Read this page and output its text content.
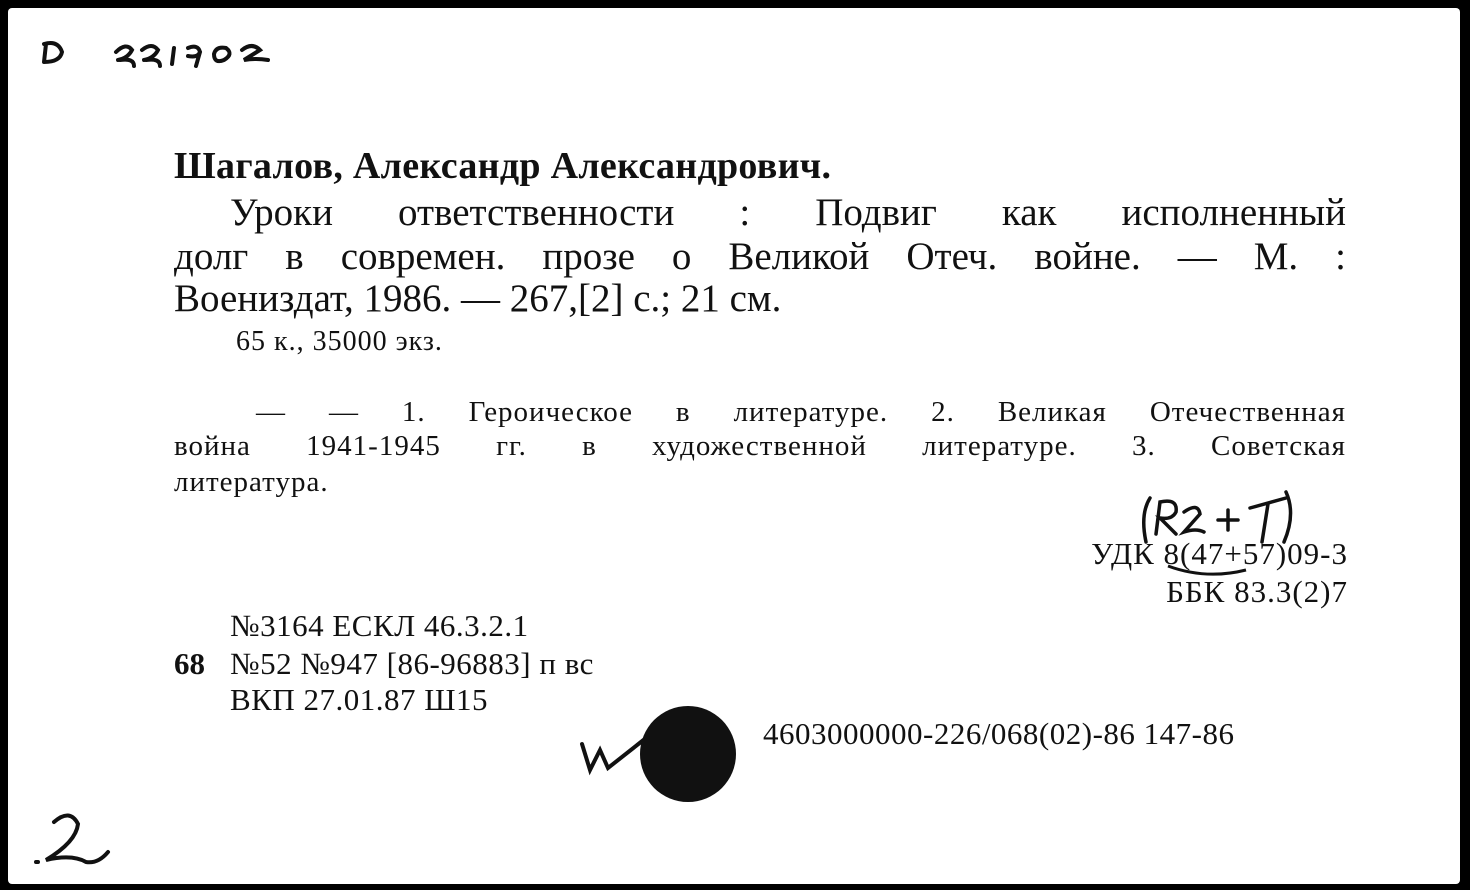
Шагалов, Александр Александрович.
Уроки ответственности : Подвиг как исполненный
долг в современ. прозе о Великой Отеч. войне. — М. :
Воениздат, 1986. — 267,[2] с.; 21 см.
65 к., 35000 экз.
— — 1. Героическое в литературе. 2. Великая Отечественная
война 1941-1945 гг. в художественной литературе. 3. Советская
литература.
УДК 8(47+57)09-3
ББК 83.3(2)7
№3164 ЕСКЛ 46.3.2.1
68 №52 №947 [86-96883] п вс
ВКП 27.01.87 Ш15
4603000000-226/068(02)-86 147-86
